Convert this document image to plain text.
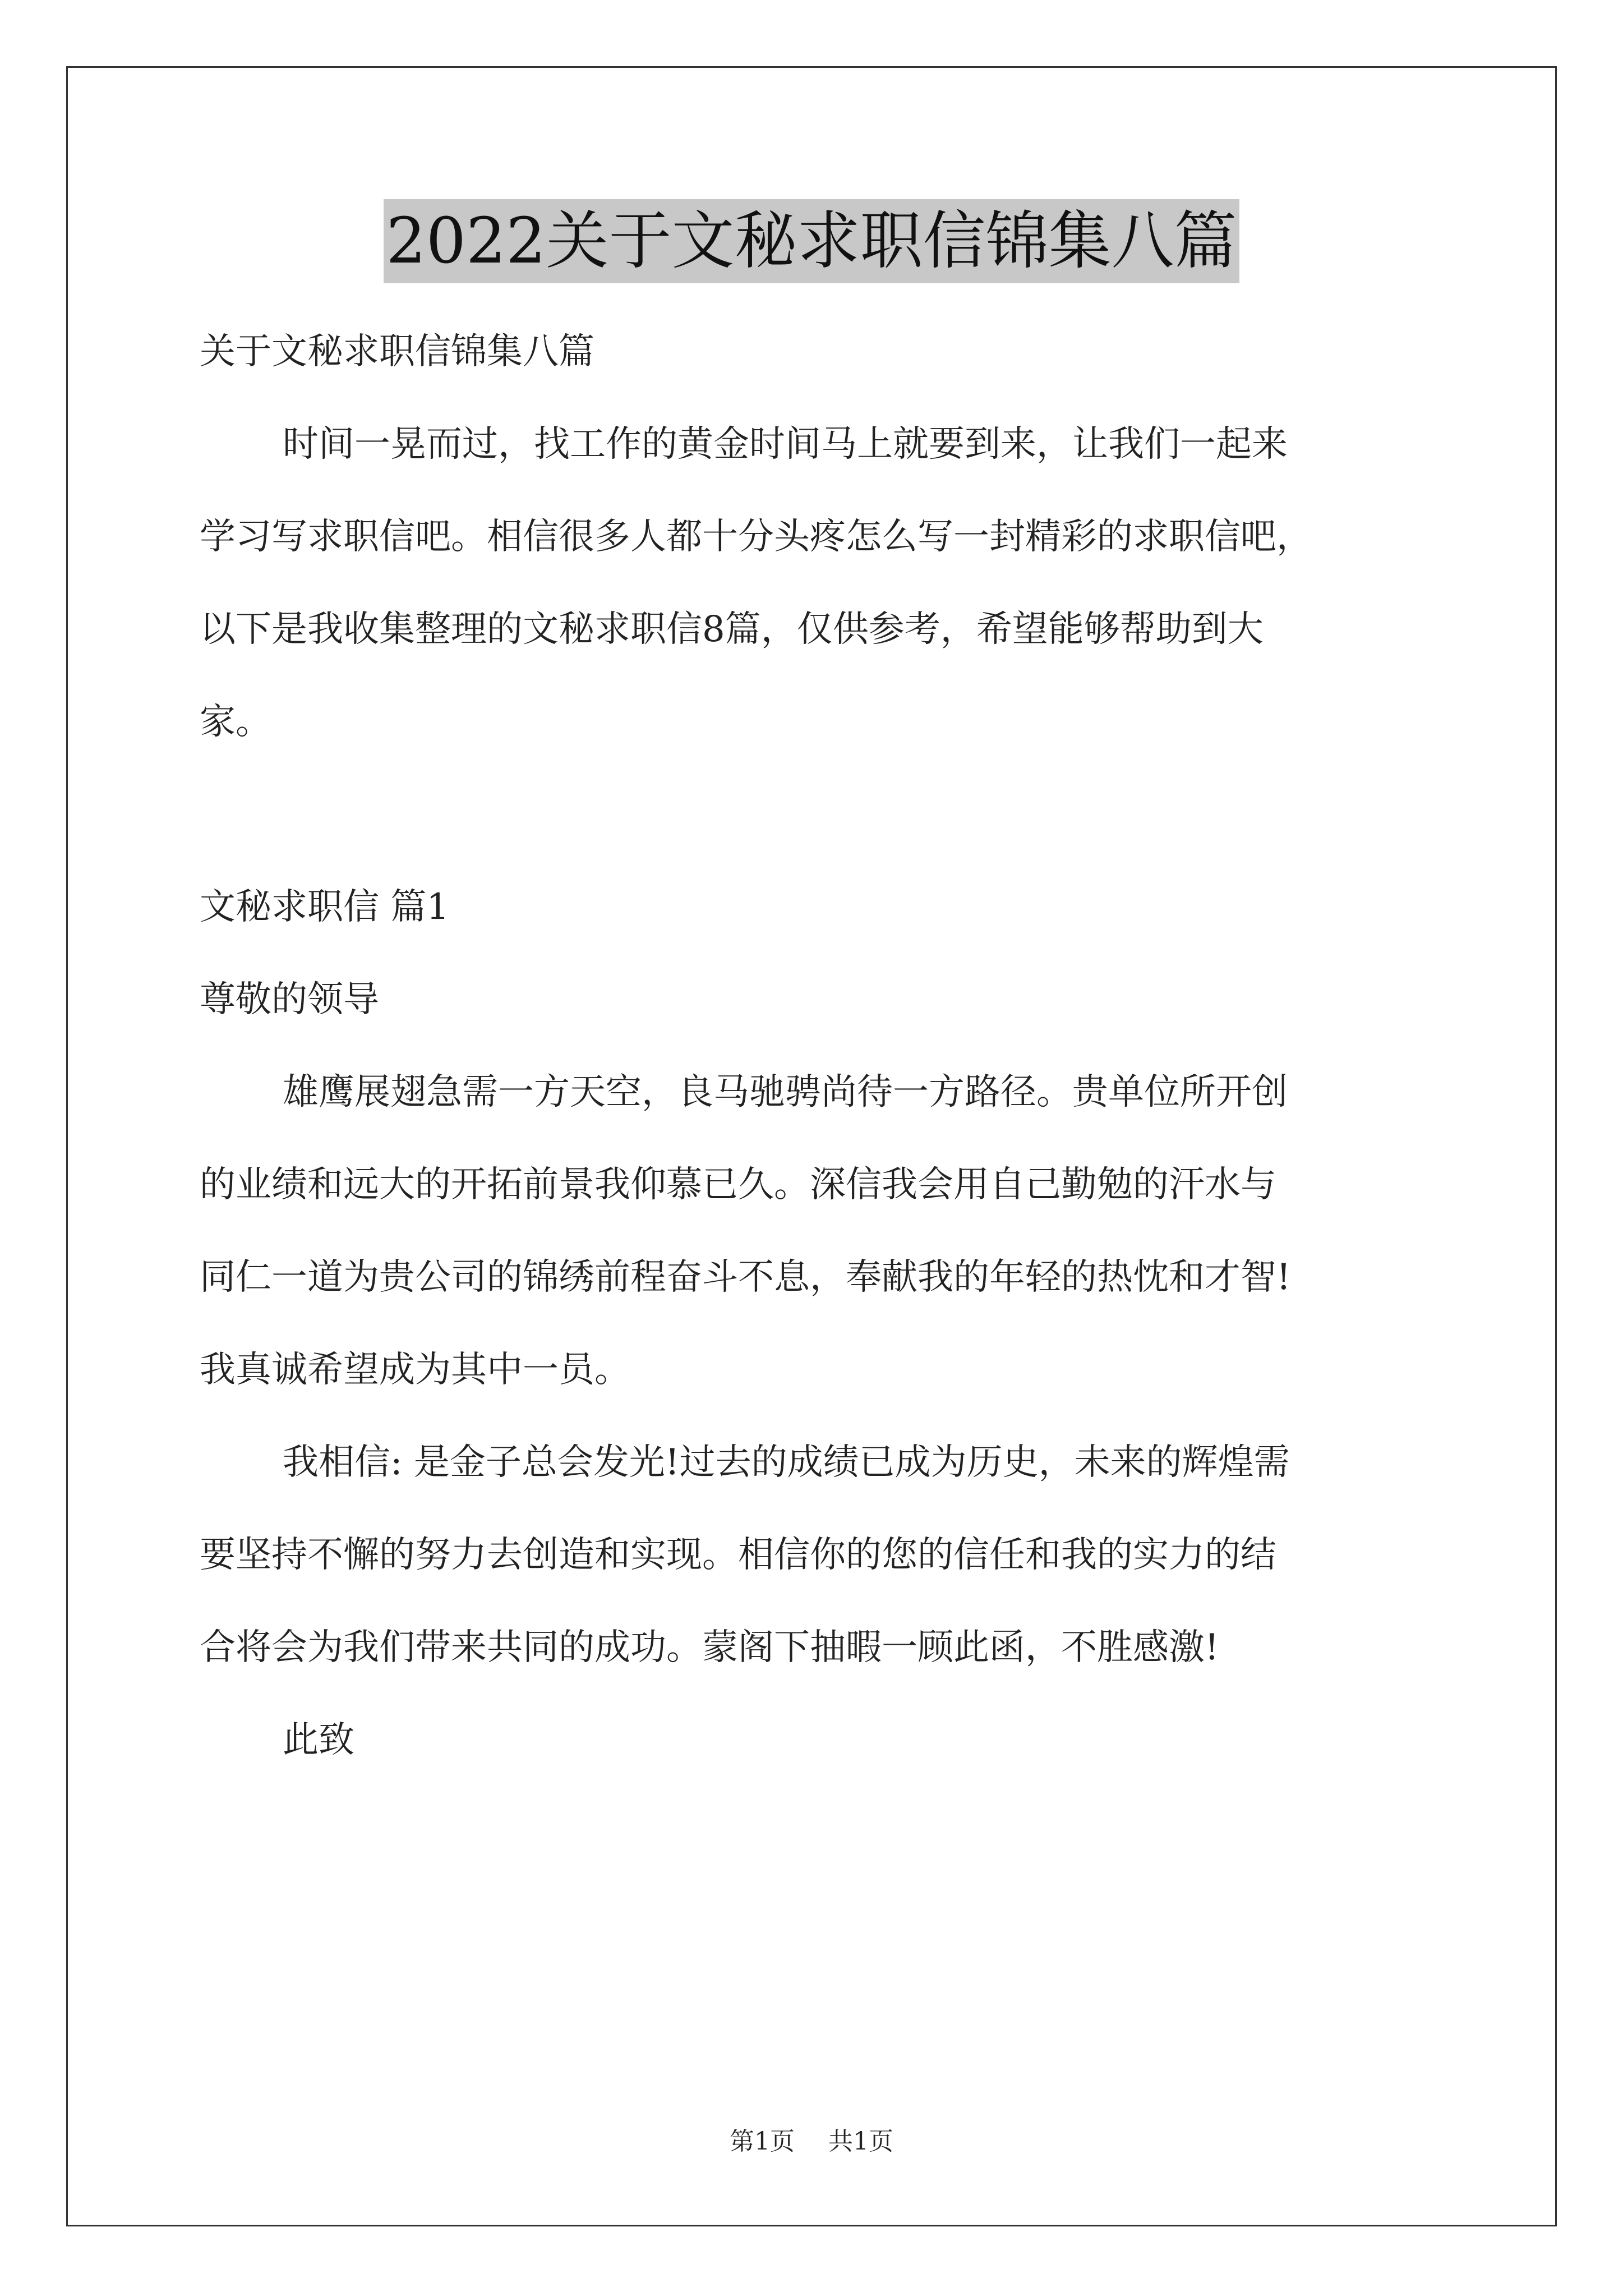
2022关于文秘求职信锦集八篇

关于文秘求职信锦集八篇

时间一晃而过，找工作的黄金时间马上就要到来，让我们一起来

学习写求职信吧。相信很多人都十分头疼怎么写一封精彩的求职信吧，

以下是我收集整理的文秘求职信8篇，仅供参考，希望能够帮助到大

家。

文秘求职信 篇1

尊敬的领导

雄鹰展翅急需一方天空，良马驰骋尚待一方路径。贵单位所开创

的业绩和远大的开拓前景我仰慕已久。深信我会用自己勤勉的汗水与

同仁一道为贵公司的锦绣前程奋斗不息，奉献我的年轻的热忱和才智!

我真诚希望成为其中一员。

我相信: 是金子总会发光!过去的成绩已成为历史，未来的辉煌需

要坚持不懈的努力去创造和实现。相信你的您的信任和我的实力的结

合将会为我们带来共同的成功。蒙阁下抽暇一顾此函，不胜感激!

此致

第1页 共1页
